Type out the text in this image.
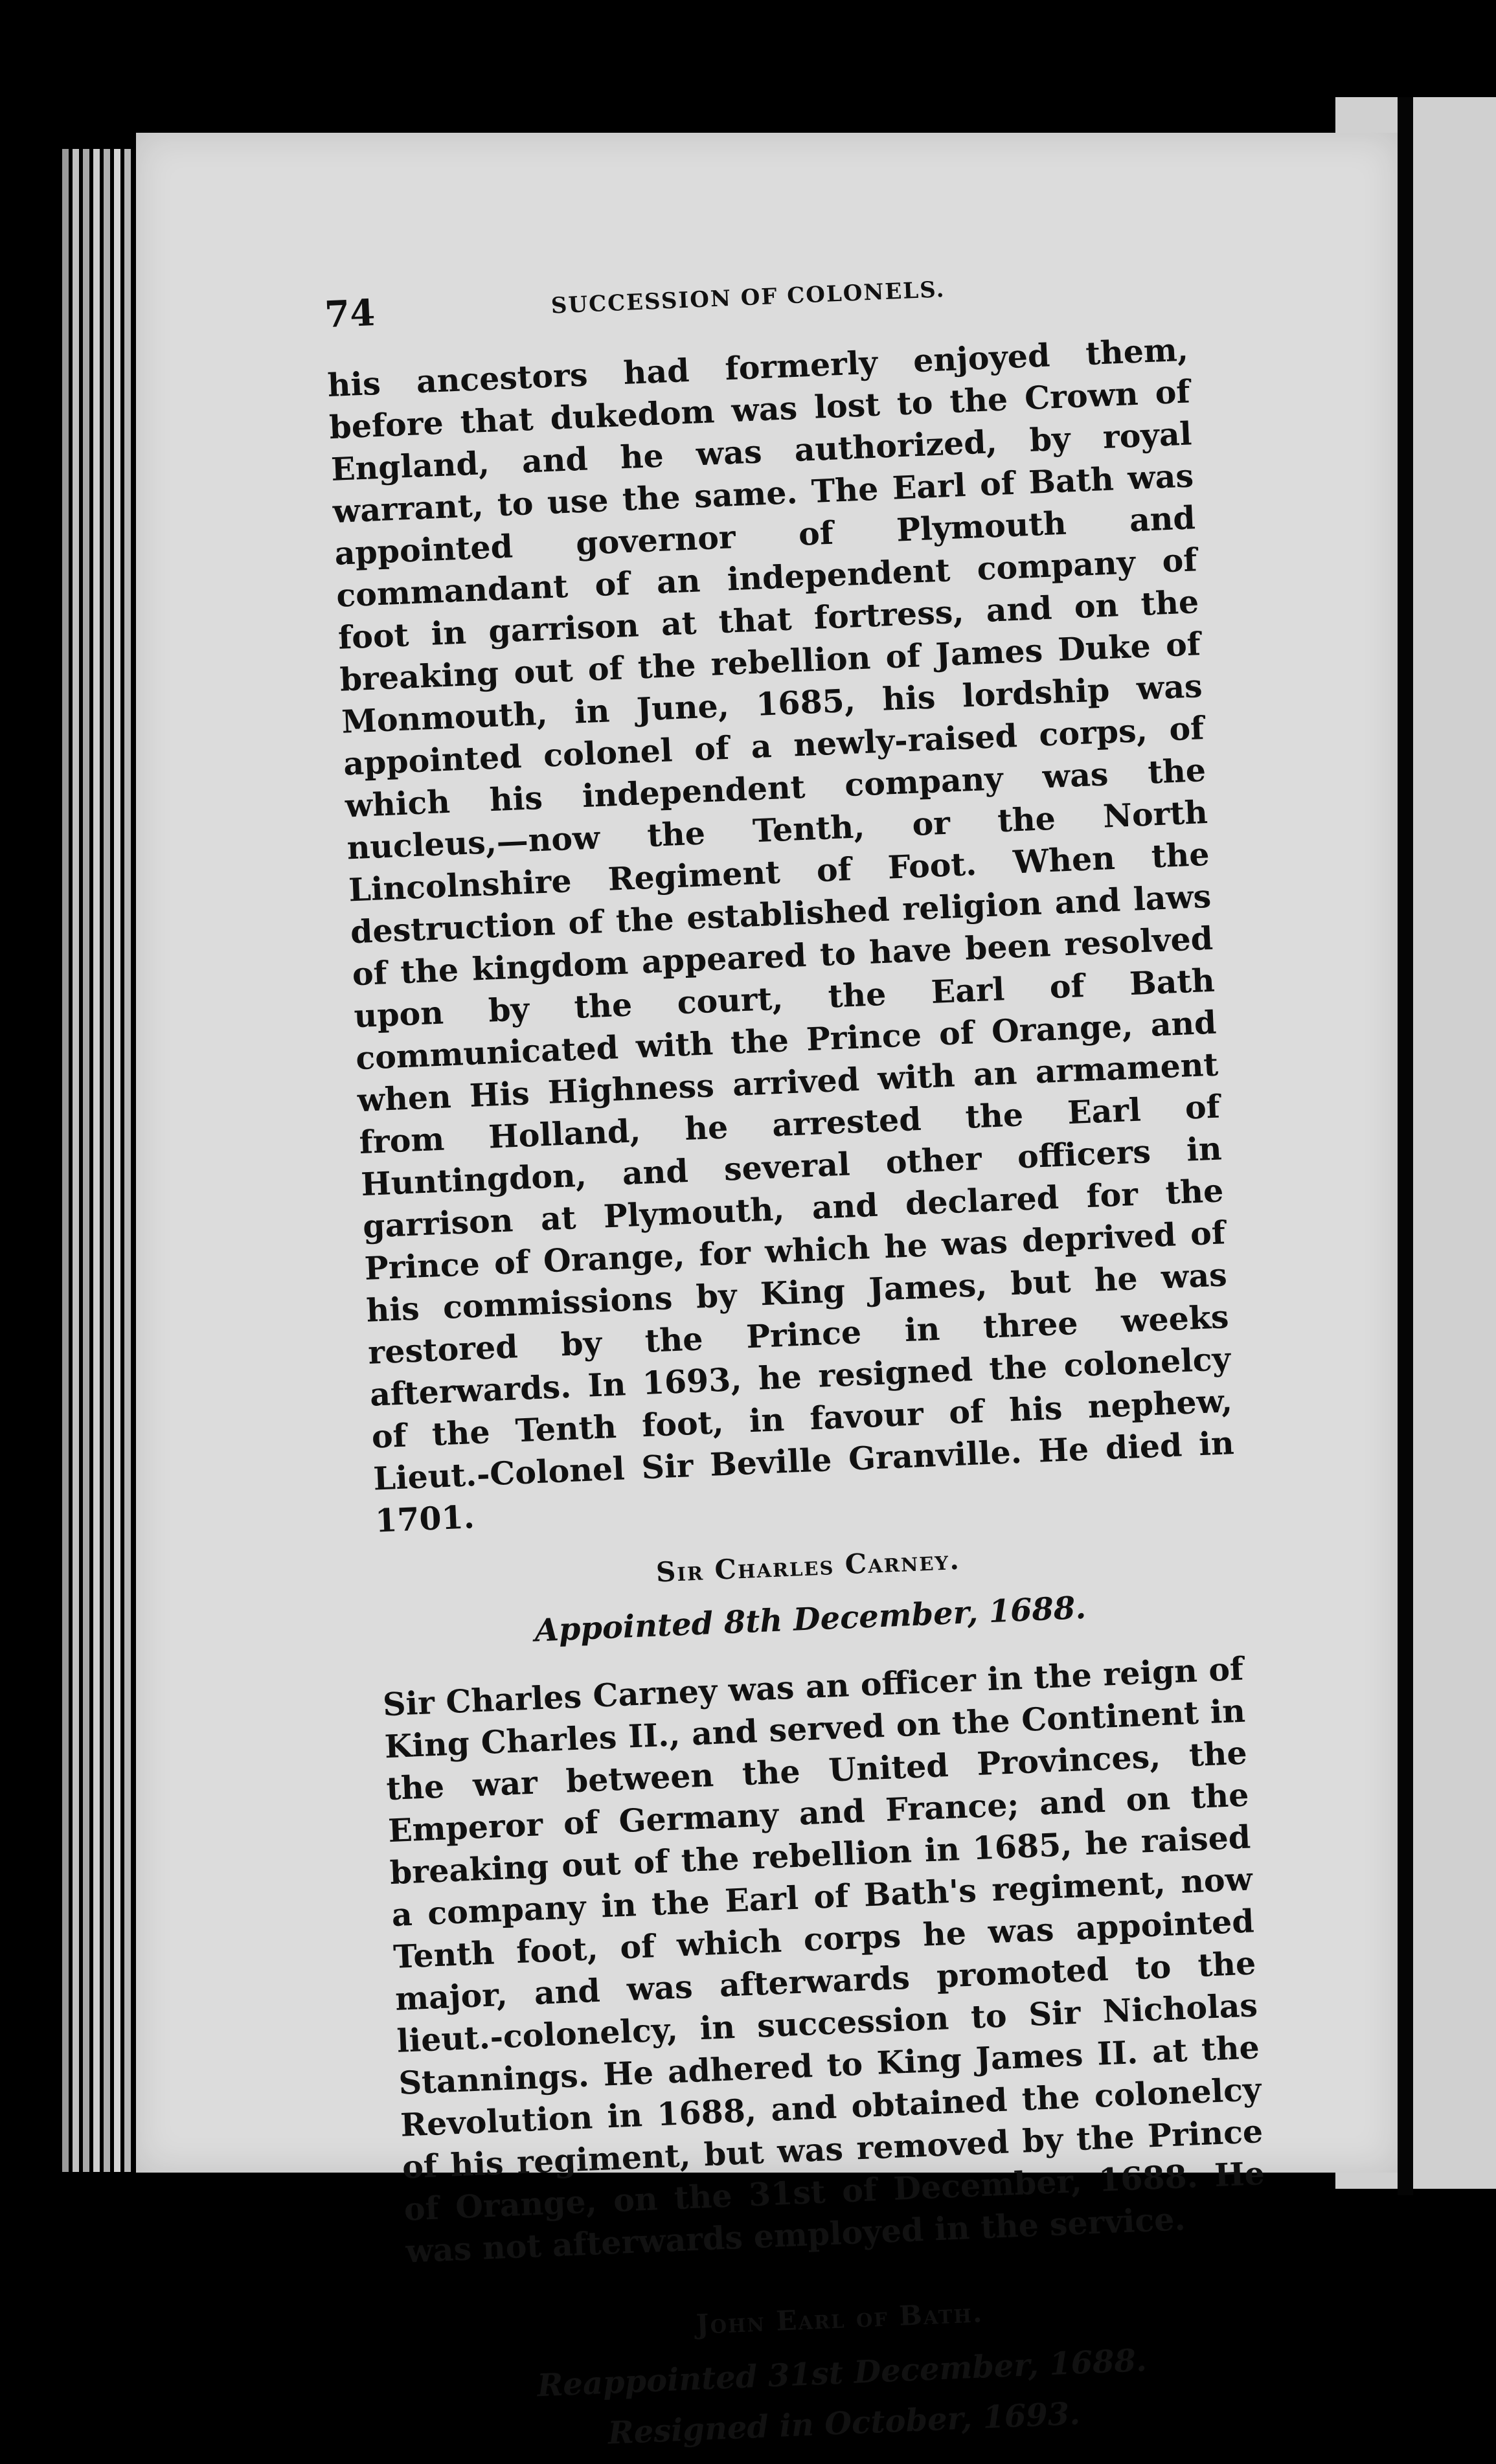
74	SUCCESSION OF COLONELS.

his ancestors had formerly enjoyed them, before that dukedom was lost to the Crown of England, and he was authorized, by royal warrant, to use the same. The Earl of Bath was appointed governor of Plymouth and commandant of an independent company of foot in garrison at that fortress, and on the breaking out of the rebellion of James Duke of Monmouth, in June, 1685, his lordship was appointed colonel of a newly-raised corps, of which his independent company was the nucleus,—now the Tenth, or the North Lincolnshire Regiment of Foot. When the destruction of the established religion and laws of the kingdom appeared to have been resolved upon by the court, the Earl of Bath communicated with the Prince of Orange, and when His Highness arrived with an armament from Holland, he arrested the Earl of Huntingdon, and several other officers in garrison at Plymouth, and declared for the Prince of Orange, for which he was deprived of his commissions by King James, but he was restored by the Prince in three weeks afterwards. In 1693, he resigned the colonelcy of the Tenth foot, in favour of his nephew, Lieut.-Colonel Sir Beville Granville. He died in 1701.

Sir Charles Carney.
Appointed 8th December, 1688.

Sir Charles Carney was an officer in the reign of King Charles II., and served on the Continent in the war between the United Provinces, the Emperor of Germany and France; and on the breaking out of the rebellion in 1685, he raised a company in the Earl of Bath's regiment, now Tenth foot, of which corps he was appointed major, and was afterwards promoted to the lieut.-colonelcy, in succession to Sir Nicholas Stannings. He adhered to King James II. at the Revolution in 1688, and obtained the colonelcy of his regiment, but was removed by the Prince of Orange, on the 31st of December, 1688. He was not afterwards employed in the service.

John Earl of Bath.
Reappointed 31st December, 1688.
Resigned in October, 1693.
